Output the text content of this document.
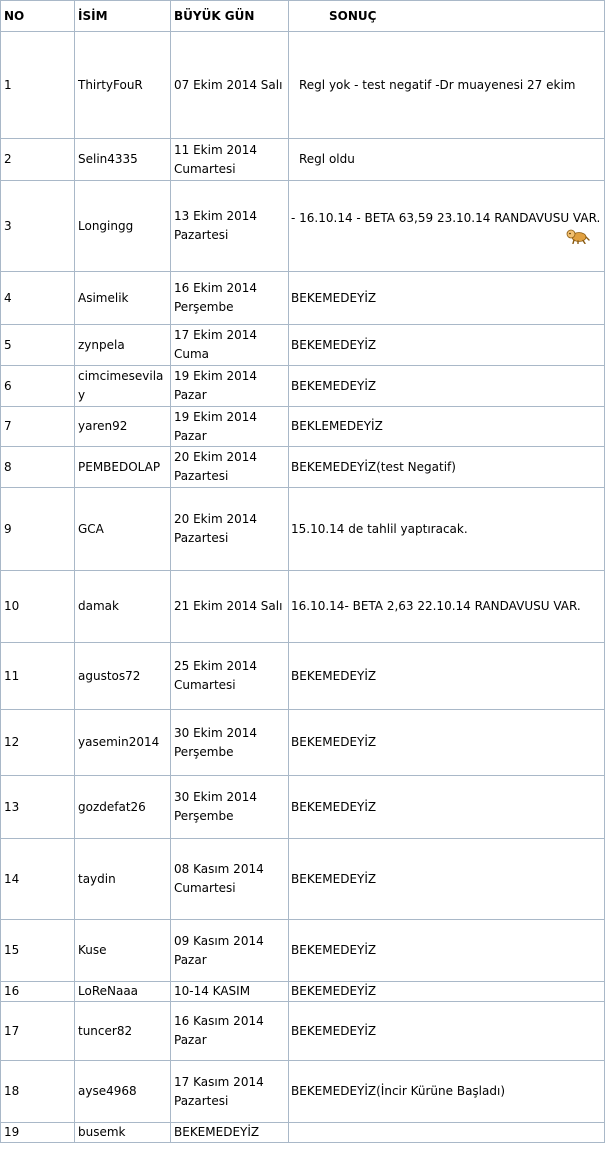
NO	İSİM	BÜYÜK GÜN	SONUÇ
1	ThirtyFouR	07 Ekim 2014 Salı	Regl yok - test negatif -Dr muayenesi 27 ekim
2	Selin4335	11 Ekim 2014 Cumartesi	Regl oldu
3	Longingg	13 Ekim 2014 Pazartesi	- 16.10.14 - BETA 63,59 23.10.14 RANDAVUSU VAR.

4	Asimelik	16 Ekim 2014 Perşembe	BEKEMEDEYİZ
5	zynpela	17 Ekim 2014 Cuma	BEKEMEDEYİZ
6	cimcimesevilay	19 Ekim 2014 Pazar	BEKEMEDEYİZ
7	yaren92	19 Ekim 2014 Pazar	BEKLEMEDEYİZ
8	PEMBEDOLAP	20 Ekim 2014 Pazartesi	BEKEMEDEYİZ(test Negatif)
9	GCA	20 Ekim 2014 Pazartesi	15.10.14 de tahlil yaptıracak.
10	damak	21 Ekim 2014 Salı	16.10.14- BETA 2,63 22.10.14 RANDAVUSU VAR.
11	agustos72	25 Ekim 2014 Cumartesi	BEKEMEDEYİZ
12	yasemin2014	30 Ekim 2014 Perşembe	BEKEMEDEYİZ
13	gozdefat26	30 Ekim 2014 Perşembe	BEKEMEDEYİZ
14	taydin	08 Kasım 2014 Cumartesi	BEKEMEDEYİZ
15	Kuse	09 Kasım 2014 Pazar	BEKEMEDEYİZ
16	LoReNaaa	10-14 KASIM	BEKEMEDEYİZ
17	tuncer82	16 Kasım 2014 Pazar	BEKEMEDEYİZ
18	ayse4968	17 Kasım 2014 Pazartesi	BEKEMEDEYİZ(İncir Kürüne Başladı)
19	busemk	BEKEMEDEYİZ	
